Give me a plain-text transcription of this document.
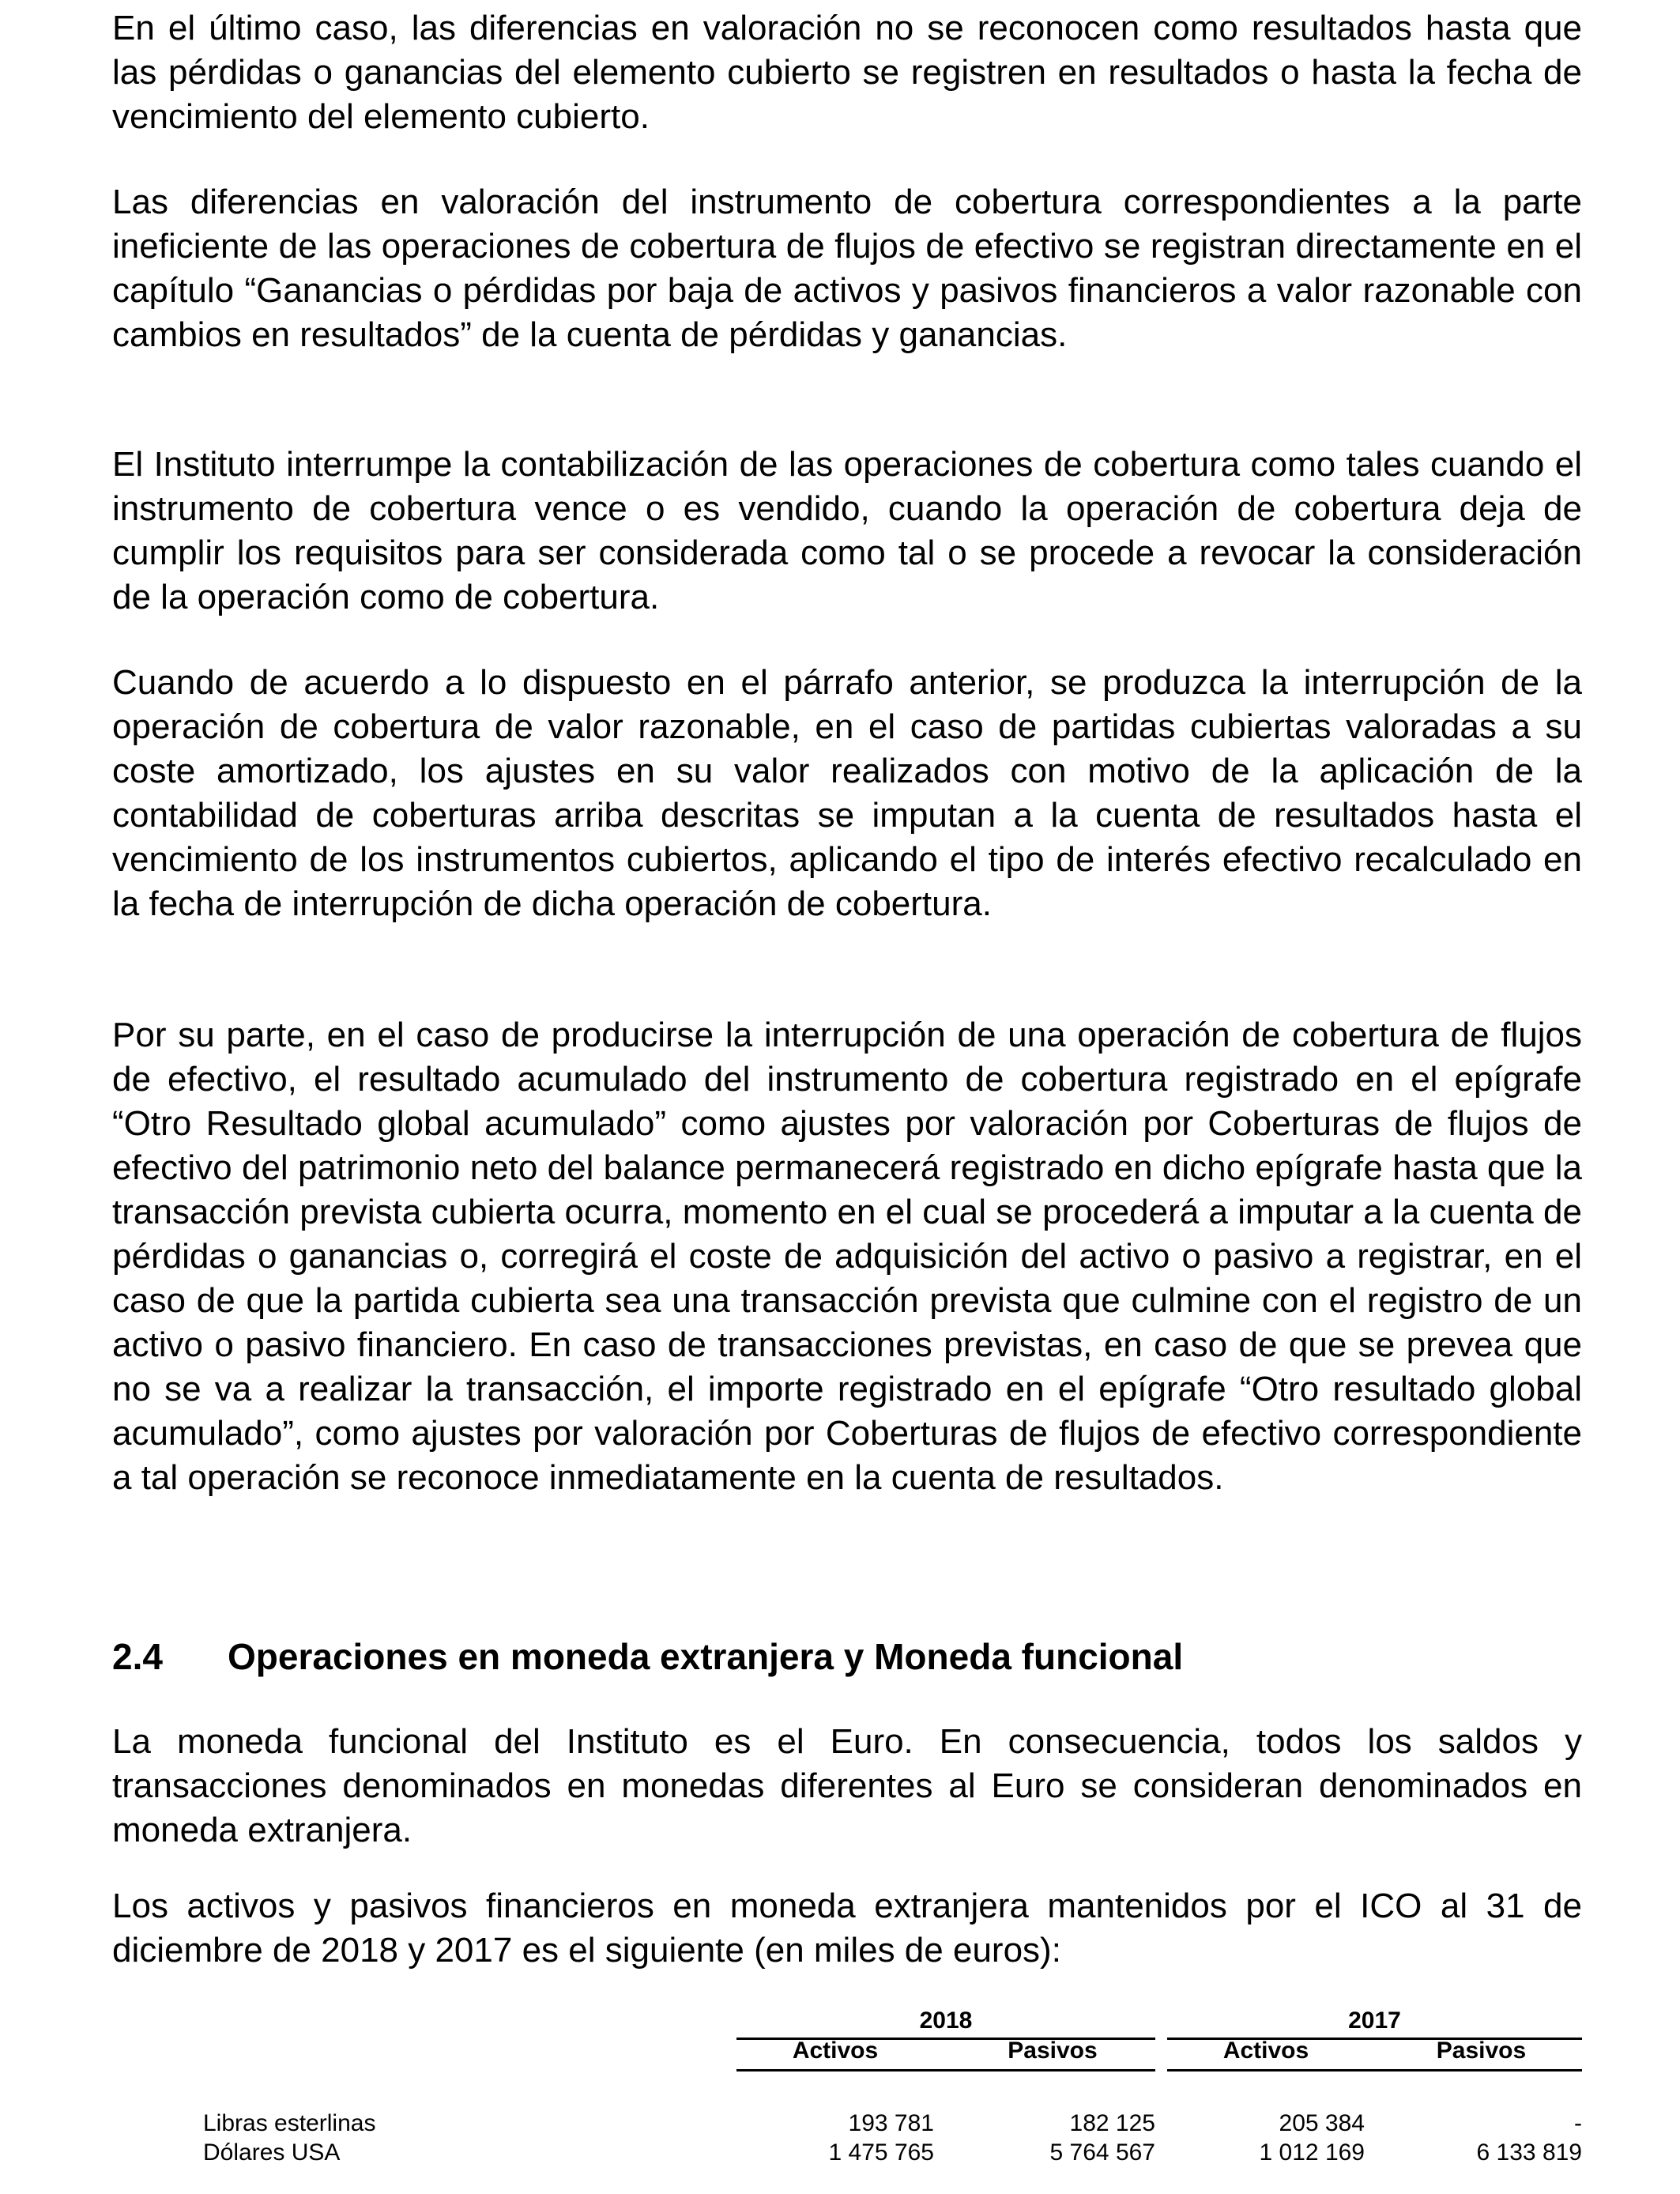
En el último caso, las diferencias en valoración no se reconocen como resultados hasta que las pérdidas o ganancias del elemento cubierto se registren en resultados o hasta la fecha de vencimiento del elemento cubierto.

Las diferencias en valoración del instrumento de cobertura correspondientes a la parte ineficiente de las operaciones de cobertura de flujos de efectivo se registran directamente en el capítulo “Ganancias o pérdidas por baja de activos y pasivos financieros a valor razonable con cambios en resultados” de la cuenta de pérdidas y ganancias.

El Instituto interrumpe la contabilización de las operaciones de cobertura como tales cuando el instrumento de cobertura vence o es vendido, cuando la operación de cobertura deja de cumplir los requisitos para ser considerada como tal o se procede a revocar la consideración de la operación como de cobertura.

Cuando de acuerdo a lo dispuesto en el párrafo anterior, se produzca la interrupción de la operación de cobertura de valor razonable, en el caso de partidas cubiertas valoradas a su coste amortizado, los ajustes en su valor realizados con motivo de la aplicación de la contabilidad de coberturas arriba descritas se imputan a la cuenta de resultados hasta el vencimiento de los instrumentos cubiertos, aplicando el tipo de interés efectivo recalculado en la fecha de interrupción de dicha operación de cobertura.

Por su parte, en el caso de producirse la interrupción de una operación de cobertura de flujos de efectivo, el resultado acumulado del instrumento de cobertura registrado en el epígrafe “Otro Resultado global acumulado” como ajustes por valoración por Coberturas de flujos de efectivo del patrimonio neto del balance permanecerá registrado en dicho epígrafe hasta que la transacción prevista cubierta ocurra, momento en el cual se procederá a imputar a la cuenta de pérdidas o ganancias o, corregirá el coste de adquisición del activo o pasivo a registrar, en el caso de que la partida cubierta sea una transacción prevista que culmine con el registro de un activo o pasivo financiero. En caso de transacciones previstas, en caso de que se prevea que no se va a realizar la transacción, el importe registrado en el epígrafe “Otro resultado global acumulado”, como ajustes por valoración por Coberturas de flujos de efectivo correspondiente a tal operación se reconoce inmediatamente en la cuenta de resultados.

2.4 Operaciones en moneda extranjera y Moneda funcional

La moneda funcional del Instituto es el Euro. En consecuencia, todos los saldos y transacciones denominados en monedas diferentes al Euro se consideran denominados en moneda extranjera.

Los activos y pasivos financieros en moneda extranjera mantenidos por el ICO al 31 de diciembre de 2018 y 2017 es el siguiente (en miles de euros):

2018	2017
Activos	Pasivos	Activos	Pasivos
Libras esterlinas	193 781	182 125	205 384	-
Dólares USA	1 475 765	5 764 567	1 012 169	6 133 819
